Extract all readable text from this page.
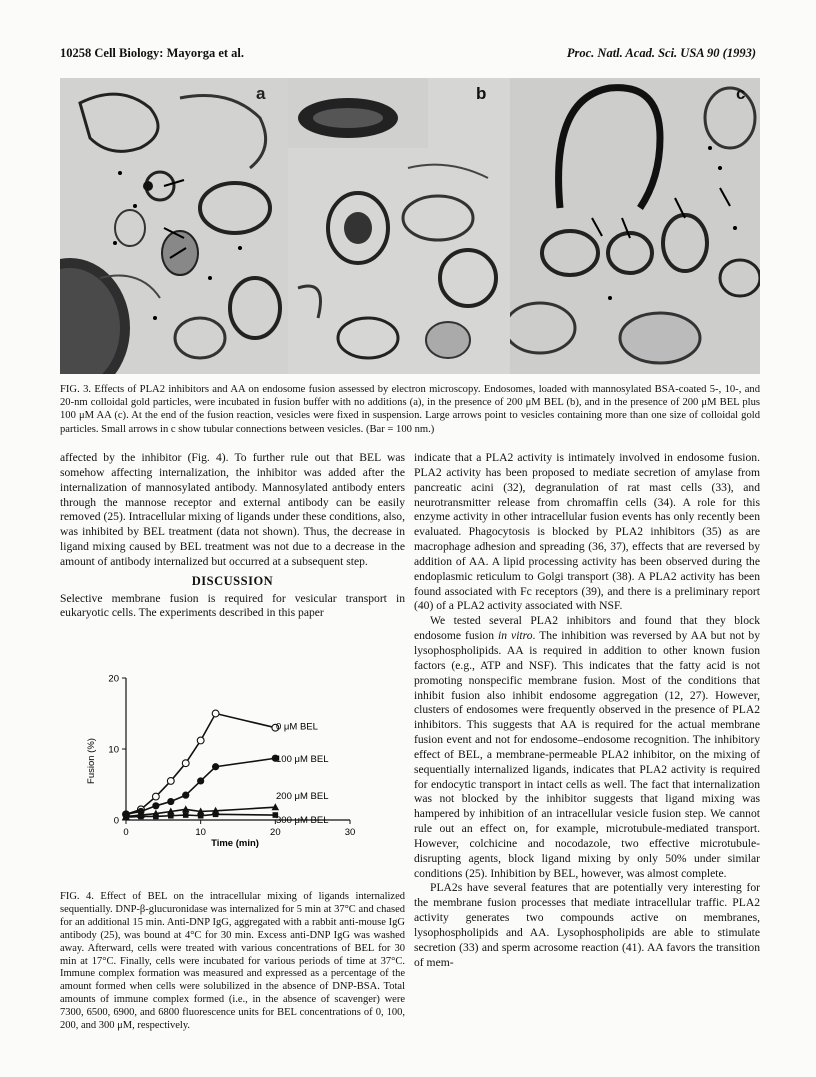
10258 Cell Biology: Mayorga et al.	Proc. Natl. Acad. Sci. USA 90 (1993)
a	b	c
FIG. 3. Effects of PLA2 inhibitors and AA on endosome fusion assessed by electron microscopy. Endosomes, loaded with mannosylated BSA-coated 5-, 10-, and 20-nm colloidal gold particles, were incubated in fusion buffer with no additions (a), in the presence of 200 μM BEL (b), and in the presence of 200 μM BEL plus 100 μM AA (c). At the end of the fusion reaction, vesicles were fixed in suspension. Large arrows point to vesicles containing more than one size of colloidal gold particles. Small arrows in c show tubular connections between vesicles. (Bar = 100 nm.)

affected by the inhibitor (Fig. 4). To further rule out that BEL was somehow affecting internalization, the inhibitor was added after the internalization of mannosylated antibody. Mannosylated antibody enters through the mannose receptor and external antibody can be easily removed (25). Intracellular mixing of ligands under these conditions, also, was inhibited by BEL treatment (data not shown). Thus, the decrease in ligand mixing caused by BEL treatment was not due to a decrease in the amount of antibody internalized but occurred at a subsequent step.

DISCUSSION

Selective membrane fusion is required for vesicular transport in eukaryotic cells. The experiments described in this paper

0	10	20	30
0
10
20
Fusion (%)
Time (min)
0 μM BEL
100 μM BEL
200 μM BEL
300 μM BEL
FIG. 4. Effect of BEL on the intracellular mixing of ligands internalized sequentially. DNP-β-glucuronidase was internalized for 5 min at 37°C and chased for an additional 15 min. Anti-DNP IgG, aggregated with a rabbit anti-mouse IgG antibody (25), was bound at 4°C for 30 min. Excess anti-DNP IgG was washed away. Afterward, cells were treated with various concentrations of BEL for 30 min at 17°C. Finally, cells were incubated for various periods of time at 37°C. Immune complex formation was measured and expressed as a percentage of the amount formed when cells were solubilized in the absence of DNP-BSA. Total amounts of immune complex formed (i.e., in the absence of scavenger) were 7300, 6500, 6900, and 6800 fluorescence units for BEL concentrations of 0, 100, 200, and 300 μM, respectively.

indicate that a PLA2 activity is intimately involved in endosome fusion. PLA2 activity has been proposed to mediate secretion of amylase from pancreatic acini (32), degranulation of rat mast cells (33), and neurotransmitter release from chromaffin cells (34). A role for this enzyme activity in other intracellular fusion events has only recently been evaluated. Phagocytosis is blocked by PLA2 inhibitors (35) as are macrophage adhesion and spreading (36, 37), effects that are reversed by addition of AA. A lipid processing activity has been observed during the endoplasmic reticulum to Golgi transport (38). A PLA2 activity has been found associated with Fc receptors (39), and there is a preliminary report (40) of a PLA2 activity associated with NSF.

We tested several PLA2 inhibitors and found that they block endosome fusion in vitro. The inhibition was reversed by AA but not by lysophospholipids. AA is required in addition to other known fusion factors (e.g., ATP and NSF). This indicates that the fatty acid is not promoting nonspecific membrane fusion. Most of the conditions that inhibit fusion also inhibit endosome aggregation (12, 27). However, clusters of endosomes were frequently observed in the presence of PLA2 inhibitors. This suggests that AA is required for the actual membrane fusion event and not for endosome–endosome recognition. The inhibitory effect of BEL, a membrane-permeable PLA2 inhibitor, on the mixing of sequentially internalized ligands, indicates that PLA2 activity is required for endocytic transport in intact cells as well. The fact that internalization was not blocked by the inhibitor suggests that ligand mixing was hampered by inhibition of an intracellular vesicle fusion step. We cannot rule out an effect on, for example, microtubule-mediated transport. However, colchicine and nocodazole, two effective microtubule-disrupting agents, block ligand mixing by only 50% under similar conditions (25). Inhibition by BEL, however, was almost complete.

PLA2s have several features that are potentially very interesting for the membrane fusion processes that mediate intracellular traffic. PLA2 activity generates two compounds active on membranes, lysophospholipids and AA. Lysophospholipids are able to stimulate secretion (33) and sperm acrosome reaction (41). AA favors the transition of mem-
